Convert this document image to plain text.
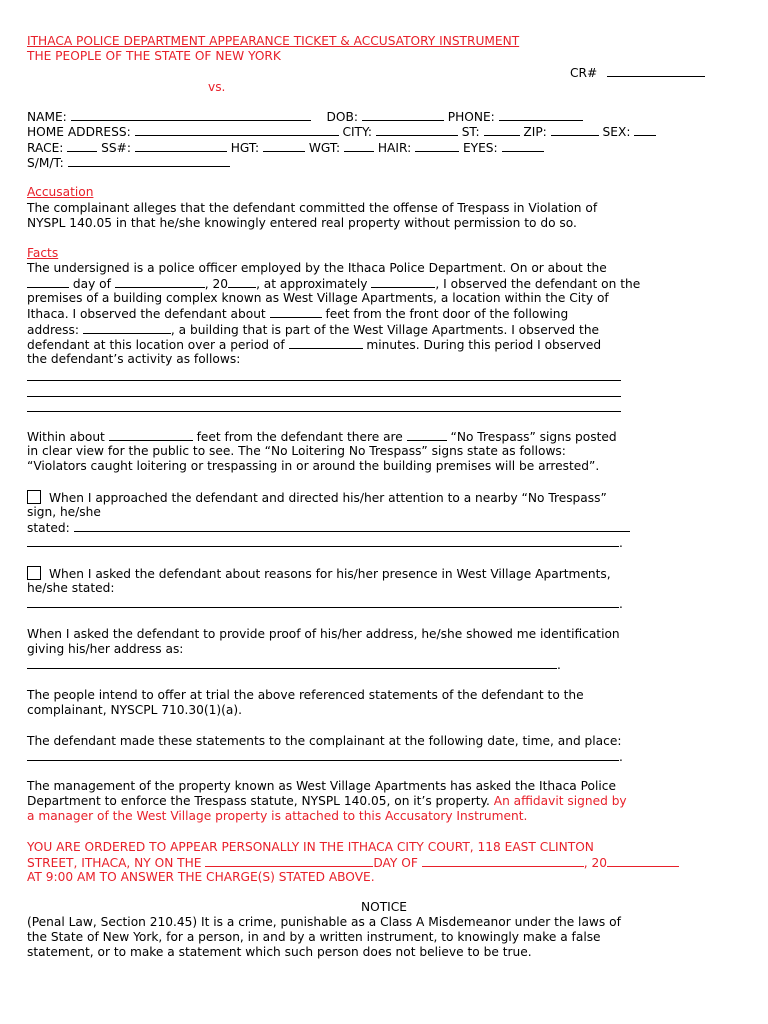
ITHACA POLICE DEPARTMENT APPEARANCE TICKET & ACCUSATORY INSTRUMENT
THE PEOPLE OF THE STATE OF NEW YORK
CR#
vs.
NAME:	DOB:	PHONE:
HOME ADDRESS:	CITY:	ST:	ZIP:	SEX:
RACE:	SS#:	HGT:	WGT:	HAIR:	EYES:
S/M/T:
Accusation
The complainant alleges that the defendant committed the offense of Trespass in Violation of
NYSPL 140.05 in that he/she knowingly entered real property without permission to do so.
Facts
The undersigned is a police officer employed by the Ithaca Police Department. On or about the
day of	, 20 , at approximately	, I observed the defendant on the
premises of a building complex known as West Village Apartments, a location within the City of
Ithaca. I observed the defendant about	feet from the front door of the following
address:	, a building that is part of the West Village Apartments. I observed the
defendant at this location over a period of	minutes. During this period I observed
the defendant’s activity as follows:
Within about	feet from the defendant there are	“No Trespass” signs posted
in clear view for the public to see. The “No Loitering No Trespass” signs state as follows:
“Violators caught loitering or trespassing in or around the building premises will be arrested”.
When I approached the defendant and directed his/her attention to a nearby “No Trespass”
sign, he/she
stated:
.
When I asked the defendant about reasons for his/her presence in West Village Apartments,
he/she stated:
.
When I asked the defendant to provide proof of his/her address, he/she showed me identification
giving his/her address as:
.
The people intend to offer at trial the above referenced statements of the defendant to the
complainant, NYSCPL 710.30(1)(a).
The defendant made these statements to the complainant at the following date, time, and place:
.
The management of the property known as West Village Apartments has asked the Ithaca Police
Department to enforce the Trespass statute, NYSPL 140.05, on it’s property. An affidavit signed by
a manager of the West Village property is attached to this Accusatory Instrument.
YOU ARE ORDERED TO APPEAR PERSONALLY IN THE ITHACA CITY COURT, 118 EAST CLINTON
STREET, ITHACA, NY ON THE	DAY OF	, 20
AT 9:00 AM TO ANSWER THE CHARGE(S) STATED ABOVE.
NOTICE
(Penal Law, Section 210.45) It is a crime, punishable as a Class A Misdemeanor under the laws of
the State of New York, for a person, in and by a written instrument, to knowingly make a false
statement, or to make a statement which such person does not believe to be true.
